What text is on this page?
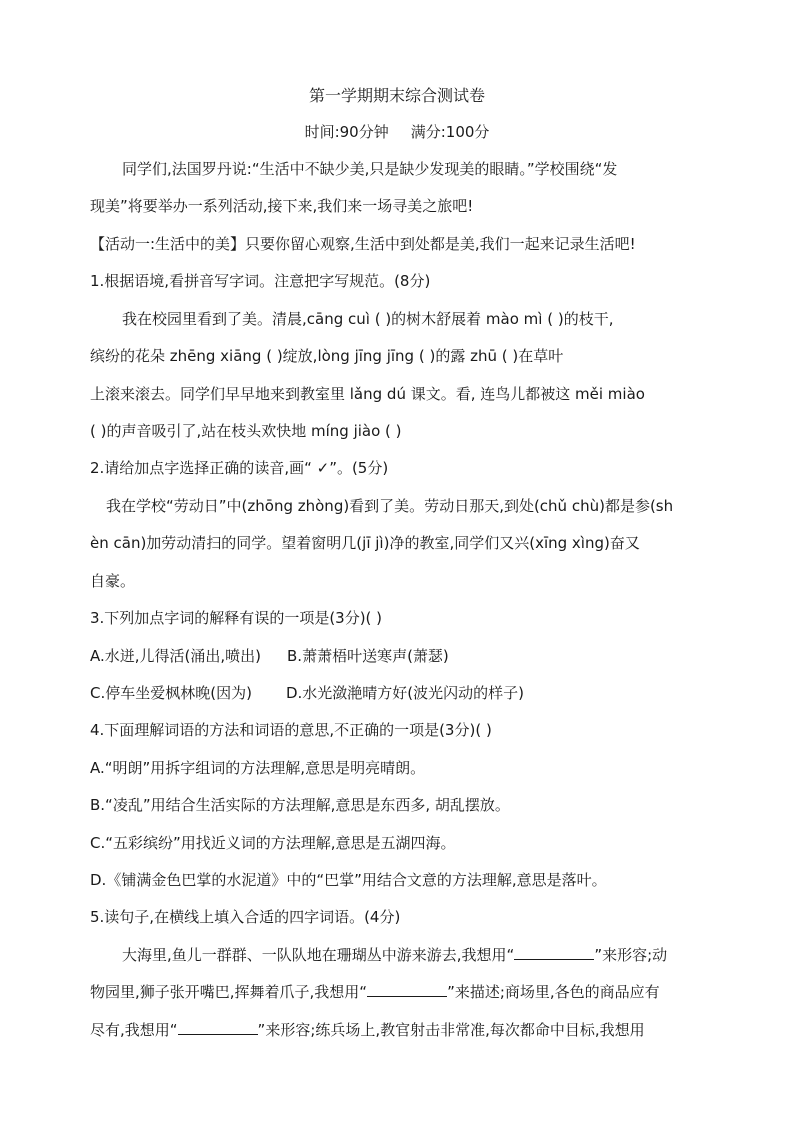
第一学期期末综合测试卷
时间:90分钟 满分:100分
同学们,法国罗丹说:“生活中不缺少美,只是缺少发现美的眼睛。”学校围绕“发
现美”将要举办一系列活动,接下来,我们来一场寻美之旅吧!
【活动一:生活中的美】只要你留心观察,生活中到处都是美,我们一起来记录生活吧!
1.根据语境,看拼音写字词。注意把字写规范。(8分)
我在校园里看到了美。清晨,cāng cuì ( )的树木舒展着 mào mì ( )的枝干,
缤纷的花朵 zhēng xiāng ( )绽放,lòng jīng jīng ( )的露 zhū ( )在草叶
上滚来滚去。同学们早早地来到教室里 lǎng dú 课文。看, 连鸟儿都被这 měi miào
( )的声音吸引了,站在枝头欢快地 míng jiào ( )
2.请给加点字选择正确的读音,画“ ✓”。(5分)
我在学校“劳动日”中(zhōng zhòng)看到了美。劳动日那天,到处(chǔ chù)都是参(sh
èn cān)加劳动清扫的同学。望着窗明几(jī jì)净的教室,同学们又兴(xīng xìng)奋又
自豪。
3.下列加点字词的解释有误的一项是(3分)( )
A.水迸,儿得活(涌出,喷出) B.萧萧梧叶送寒声(萧瑟)
C.停车坐爱枫林晚(因为) D.水光潋滟晴方好(波光闪动的样子)
4.下面理解词语的方法和词语的意思,不正确的一项是(3分)( )
A.“明朗”用拆字组词的方法理解,意思是明亮晴朗。
B.“凌乱”用结合生活实际的方法理解,意思是东西多, 胡乱摆放。
C.“五彩缤纷”用找近义词的方法理解,意思是五湖四海。
D.《铺满金色巴掌的水泥道》中的“巴掌”用结合文意的方法理解,意思是落叶。
5.读句子,在横线上填入合适的四字词语。(4分)
大海里,鱼儿一群群、一队队地在珊瑚丛中游来游去,我想用“	”来形容;动
物园里,狮子张开嘴巴,挥舞着爪子,我想用“	”来描述;商场里,各色的商品应有
尽有,我想用“	”来形容;练兵场上,教官射击非常准,每次都命中目标,我想用
